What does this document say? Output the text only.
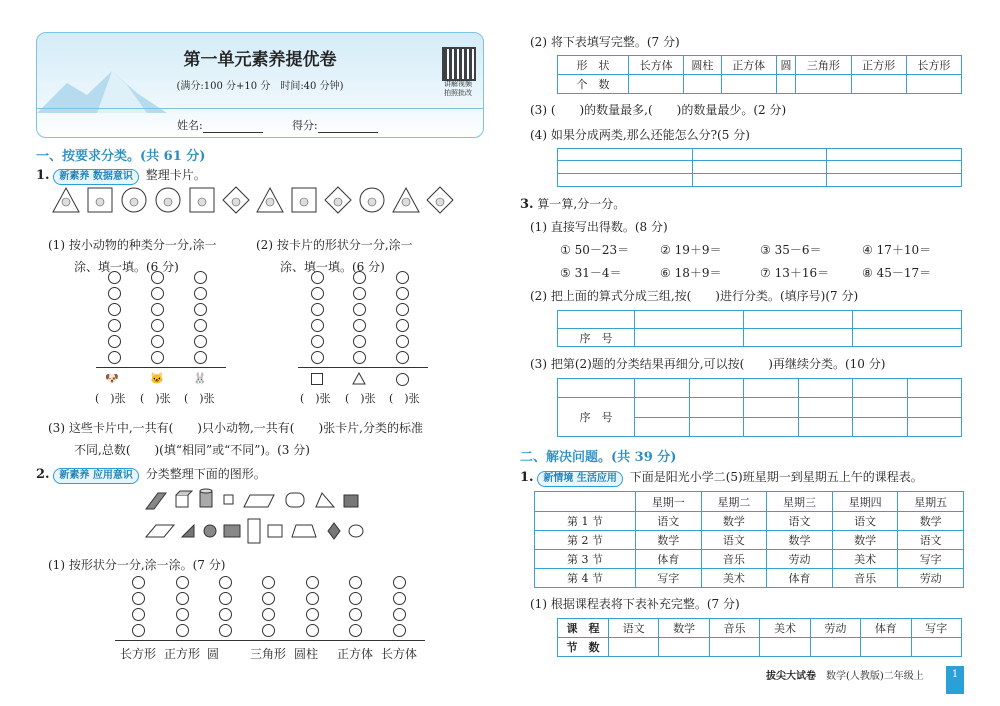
第一单元素养提优卷
(满分:100 分+10 分　时间:40 分钟)	讲解视频
拍照批改
姓名:	得分:
一、按要求分类。(共 61 分)
1. 新素养 数据意识 整理卡片。
(1) 按小动物的种类分一分,涂一
涂、填一填。(6 分)
(2) 按卡片的形状分一分,涂一
涂、填一填。(6 分)
🐶	🐱	🐰
(　)张 (　)张 (　)张	(　)张 (　)张 (　)张
(3) 这些卡片中,一共有(　　)只小动物,一共有(　　)张卡片,分类的标准
不同,总数(　　)(填“相同”或“不同”)。(3 分)
2. 新素养 应用意识 分类整理下面的图形。
(1) 按形状分一分,涂一涂。(7 分)
长方形 正方形 圆	三角形 圆柱 正方体 长方体
(2) 将下表填写完整。(7 分)
形　状	长方体	圆柱	正方体	圆	三角形	正方形	长方形
个　数							
(3) (　　)的数量最多,(　　)的数量最少。(2 分)
(4) 如果分成两类,那么还能怎么分?(5 分)

3. 算一算,分一分。
(1) 直接写出得数。(8 分)
① 50－23＝	② 19＋9＝	③ 35－6＝	④ 17＋10＝
⑤ 31－4＝	⑥ 18＋9＝	⑦ 13＋16＝	⑧ 45－17＝
(2) 把上面的算式分成三组,按(　　)进行分类。(填序号)(7 分)

序　号			
(3) 把第(2)题的分类结果再细分,可以按(　　)再继续分类。(10 分)

序　号						

二、解决问题。(共 39 分)
1. 新情境 生活应用 下面是阳光小学二(5)班星期一到星期五上午的课程表。
	星期一	星期二	星期三	星期四	星期五
第 1 节	语文	数学	语文	语文	数学
第 2 节	数学	语文	数学	数学	语文
第 3 节	体育	音乐	劳动	美术	写字
第 4 节	写字	美术	体育	音乐	劳动
(1) 根据课程表将下表补充完整。(7 分)
课　程	语文	数学	音乐	美术	劳动	体育	写字
节　数							
拔尖大试卷　 数学(人教版)二年级上	1
